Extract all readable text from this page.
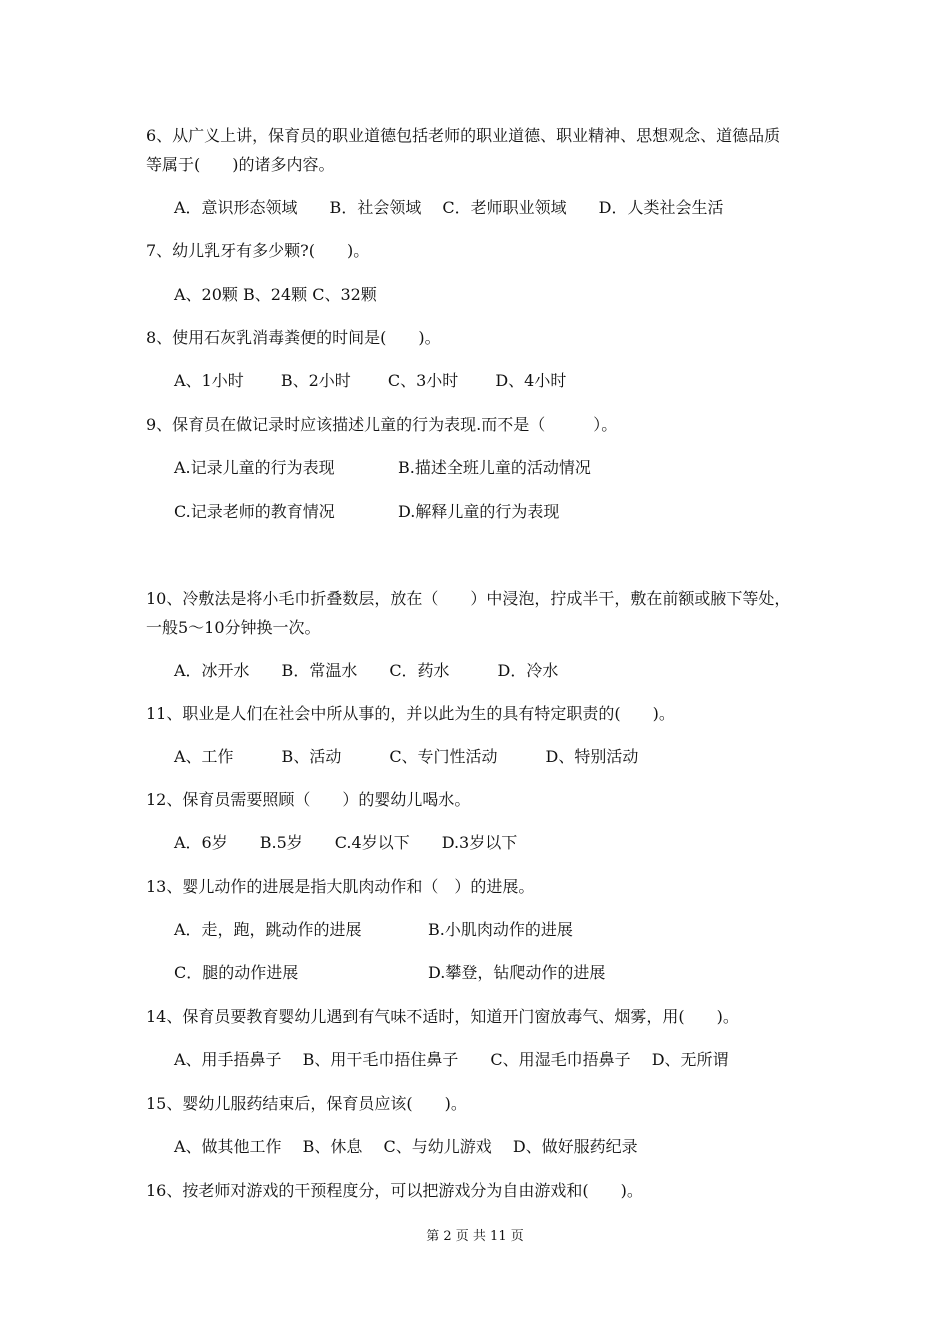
6、从广义上讲，保育员的职业道德包括老师的职业道德、职业精神、思想观念、道德品质
等属于(　　)的诸多内容。
A．意识形态领域　　B．社会领域　 C．老师职业领域　　D．人类社会生活
7、幼儿乳牙有多少颗?(　　)。
A、20颗 B、24颗 C、32颗
8、使用石灰乳消毒粪便的时间是(　　)。
A、1小时　　 B、2小时　　 C、3小时　　 D、4小时
9、保育员在做记录时应该描述儿童的行为表现.而不是（　　　）。
A.记录儿童的行为表现	B.描述全班儿童的活动情况
C.记录老师的教育情况	D.解释儿童的行为表现
10、冷敷法是将小毛巾折叠数层，放在（　　）中浸泡，拧成半干，敷在前额或腋下等处，
一般5～10分钟换一次。
A．冰开水　　B．常温水　　C．药水　　　D．冷水
11、职业是人们在社会中所从事的，并以此为生的具有特定职责的(　　)。
A、工作　　　B、活动　　　C、专门性活动　　　D、特别活动
12、保育员需要照顾（　　）的婴幼儿喝水。
A．6岁　　B.5岁　　C.4岁以下　　D.3岁以下
13、婴儿动作的进展是指大肌肉动作和（　）的进展。
A．走，跑，跳动作的进展	B.小肌肉动作的进展
C．腿的动作进展	D.攀登，钻爬动作的进展
14、保育员要教育婴幼儿遇到有气味不适时，知道开门窗放毒气、烟雾，用(　　)。
A、用手捂鼻子　 B、用干毛巾捂住鼻子　　C、用湿毛巾捂鼻子　 D、无所谓
15、婴幼儿服药结束后，保育员应该(　　)。
A、做其他工作　 B、休息　 C、与幼儿游戏　 D、做好服药纪录
16、按老师对游戏的干预程度分，可以把游戏分为自由游戏和(　　)。
第 2 页 共 11 页
